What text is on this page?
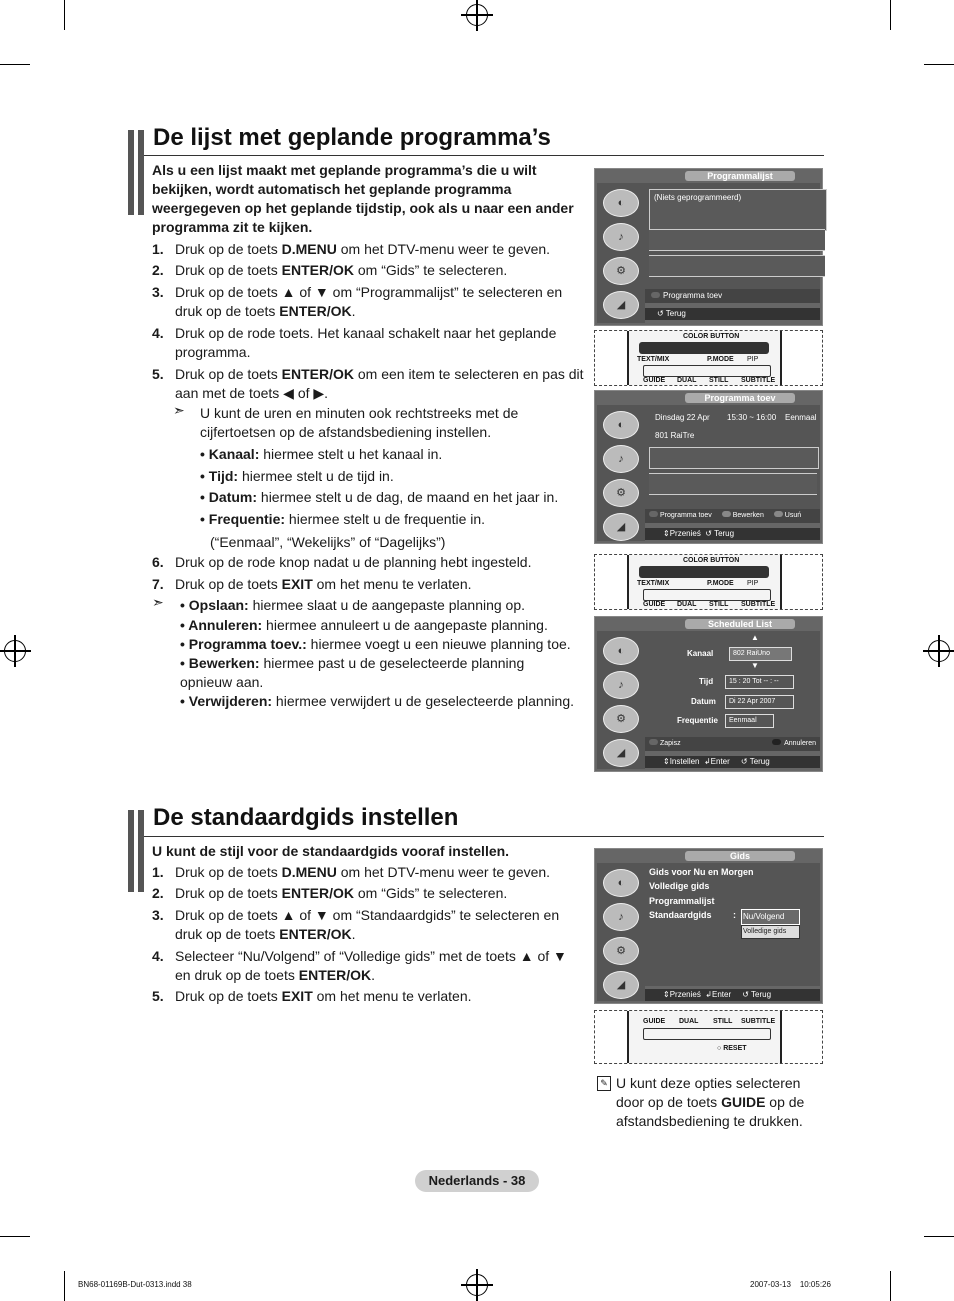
De lijst met geplande programma’s
Als u een lijst maakt met geplande programma’s die u wilt bekijken, wordt automatisch het geplande programma weergegeven op het geplande tijdstip, ook als u naar een ander programma zit te kijken.
1. Druk op de toets D.MENU om het DTV-menu weer te geven.
2. Druk op de toets ENTER/OK om “Gids” te selecteren.
3. Druk op de toets ▲ of ▼ om “Programmalijst” te selecteren en druk op de toets ENTER/OK.
4. Druk op de rode toets. Het kanaal schakelt naar het geplande programma.
5. Druk op de toets ENTER/OK om een item te selecteren en pas dit aan met de toets ◀ of ▶.
➣ U kunt de uren en minuten ook rechtstreeks met de cijfertoetsen op de afstandsbediening instellen.
• Kanaal: hiermee stelt u het kanaal in.
• Tijd: hiermee stelt u de tijd in.
• Datum: hiermee stelt u de dag, de maand en het jaar in.
• Frequentie: hiermee stelt u de frequentie in.
(“Eenmaal”, “Wekelijks” of “Dagelijks”)
6. Druk op de rode knop nadat u de planning hebt ingesteld.
7. Druk op de toets EXIT om het menu te verlaten.
➣ • Opslaan: hiermee slaat u de aangepaste planning op.
• Annuleren: hiermee annuleert u de aangepaste planning.
• Programma toev.: hiermee voegt u een nieuwe planning toe.
• Bewerken: hiermee past u de geselecteerde planning opnieuw aan.
• Verwijderen: hiermee verwijdert u de geselecteerde planning.
Programmalijst
◐
♪
⚙
◢
(Niets geprogrammeerd)
Programma toev
↺ Terug
COLOR BUTTON
TEXT/MIX	P.MODE PIP
GUIDE DUAL STILL SUBTITLE
Programma toev
◐
♪
⚙
◢
Dinsdag 22 Apr 15:30 ~ 16:00 Eenmaal
801 RaiTre
Programma toev	Bewerken	Usuń
⇕Przenieś ↺ Terug
COLOR BUTTON
TEXT/MIX	P.MODE PIP
GUIDE DUAL STILL SUBTITLE
Scheduled List
◐
♪
⚙
◢
▲
Kanaal	802 RaiUno
▼
Tijd	15 : 20 Tot -- : --
Datum	Di 22 Apr 2007
Frequentie	Eenmaal
Zapisz	Annuleren
⇕Instellen ↲Enter ↺ Terug
De standaardgids instellen
U kunt de stijl voor de standaardgids vooraf instellen.
1. Druk op de toets D.MENU om het DTV-menu weer te geven.
2. Druk op de toets ENTER/OK om “Gids” te selecteren.
3. Druk op de toets ▲ of ▼ om “Standaardgids” te selecteren en druk op de toets ENTER/OK.
4. Selecteer “Nu/Volgend” of “Volledige gids” met de toets ▲ of ▼ en druk op de toets ENTER/OK.
5. Druk op de toets EXIT om het menu te verlaten.
Gids
◐
♪
⚙
◢
Gids voor Nu en Morgen
Volledige gids
Programmalijst
Standaardgids : Nu/Volgend
Volledige gids
⇕Przenieś ↲Enter ↺ Terug
GUIDE DUAL STILL SUBTITLE
○ RESET
✎ U kunt deze opties selecteren door op de toets GUIDE op de afstandsbediening te drukken.
Nederlands - 38
BN68-01169B-Dut-0313.indd 38	2007-03-13    10:05:26
